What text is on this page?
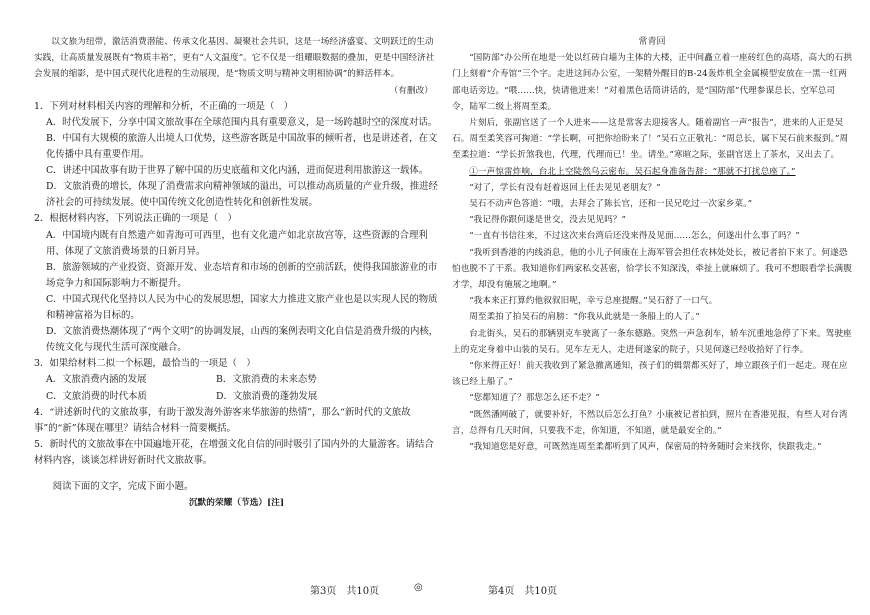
以文旅为纽带，激活消费潜能、传承文化基因、凝聚社会共识，这是一场经济盛宴、文明跃迁的生动实践，让高质量发展既有“物质丰裕”，更有“人文温度”。它不仅是一组耀眼数据的叠加，更是中国经济社会发展的缩影，是中国式现代化进程的生动展现，是“物质文明与精神文明相协调”的鲜活样本。

（有删改）

1．下列对材料相关内容的理解和分析，不正确的一项是（　）

A．时代发展下，分享中国文旅故事在全球范围内具有重要意义，是一场跨越时空的深度对话。

B．中国有大规模的旅游人出境人口优势，这些游客既是中国故事的倾听者，也是讲述者，在文化传播中具有重要作用。

C．讲述中国故事有助于世界了解中国的历史底蕴和文化内涵，进而促进利用旅游这一载体。

D．文旅消费的增长，体现了消费需求向精神领域的溢出，可以推动高质量的产业升级，推进经济社会的可持续发展。使中国传统文化创造性转化和创新性发展。

2．根据材料内容，下列说法正确的一项是（　）

A．中国境内既有自然遗产如青海可可西里，也有文化遗产如北京故宫等，这些资源的合理利用、体现了文旅消费场景的日新月异。

B．旅游领域的产业投资、资源开发、业态培育和市场的创新的空前活跃，使得我国旅游业的市场竞争力和国际影响力不断提升。

C．中国式现代化坚持以人民为中心的发展思想，国家大力推进文旅产业也是以实现人民的物质和精神富裕为目标的。

D．文旅消费热潮体现了“两个文明”的协调发展，山西的案例表明文化自信是消费升级的内核，传统文化与现代生活可深度融合。

3．如果给材料二拟一个标题，最恰当的一项是（　）

A．文旅消费内涵的发展	B．文旅消费的未来态势
C．文旅消费的时代本质	D．文旅消费的蓬勃发展

4．“讲述新时代的文旅故事，有助于激发海外游客来华旅游的热情”，那么“新时代的文旅故事”的“新”体现在哪里？请结合材料一简要概括。

5．新时代的文旅故事在中国遍地开花，在增强文化自信的同时吸引了国内外的大量游客。请结合材料内容，谈谈怎样讲好新时代文旅故事。

阅读下面的文字，完成下面小题。

沉默的荣耀（节选）[注]

常青回

“国防部”办公所在地是一处以红砖白墙为主体的大楼，正中间矗立着一座砖红色的高塔，高大的石拱门上刻着“介寿馆”三个字。走进这间办公室，一架精外醒目的B-24轰炸机全金属模型安放在一黑一红两部电话旁边。“喂……快，快请他进来！”对着黑色话筒讲话的，是“国防部”代理参谋总长、空军总司令，陆军二级上将周至柔。

片刻后，张副官送了一个人进来——这是常客去迎接客人。随着副官一声“报告”，进来的人正是吴石。周至柔笑容可掬道：“学长啊，可把你给盼来了！”吴石立正敬礼：“周总长，属下吴石前来报到。”周至柔拉道：“学长折煞我也，代理，代理而已！坐。请坐。”寒暄之际，张副官送上了茶水，又出去了。

①一声惊雷炸响，台北上空陡然乌云密布。吴石起身准备告辞：“那就不打扰总座了。”

“对了，学长有没有赶着返回上任去见见老朋友？”

吴石不动声色答道：“哦，去拜会了陈长官，还和一民兄吃过一次家乡菜。”

“我记得你跟何遂是世交，没去见见吗？”

“一直有书信往来，不过这次来台湾后还没来得及见面……怎么，何遂出什么事了吗？”

“我听到香港的内线消息，他的小儿子何康在上海军管会担任农林处处长，被记者拍下来了。何遂恐怕也脱不了干系。我知道你们两家私交甚密，恰学长不知深浅，牵扯上就麻烦了。我可不想眼看学长满腹才学，却没有施展之地啊。”

“我本来正打算约他叙叙旧呢，幸亏总座提醒。”吴石舒了一口气。

周至柔拍了拍吴石的肩膀：“你我从此就是一条船上的人了。”

台北街头，吴石的那辆别克车驶离了一条东德路。突然一声急刹车，轿车沉重地急停了下来。驾驶座上的克定身着中山装的吴石。见车左无人，走进何遂家的院子，只见何遂已经收拾好了行李。

“你来得正好！前天我收到了紧急撤离通知，孩子们的辑票都买好了，坤立跟孩子们一起走。现在应该已经上船了。”

“您都知道了？那您怎么还不走？”

“既然潘网破了，就要补好，不然以后怎么打鱼？小康被记者拍到，照片在香港见报，有些人对台湾言，总得有几天时间，只要我不走，你知道，不知道，就是最安全的。”

“我知道您是好意，可既然连周至柔都听到了风声，保密局的特务随时会来找你，快跟我走。”

第3页　共10页	◎	第4页　共10页
